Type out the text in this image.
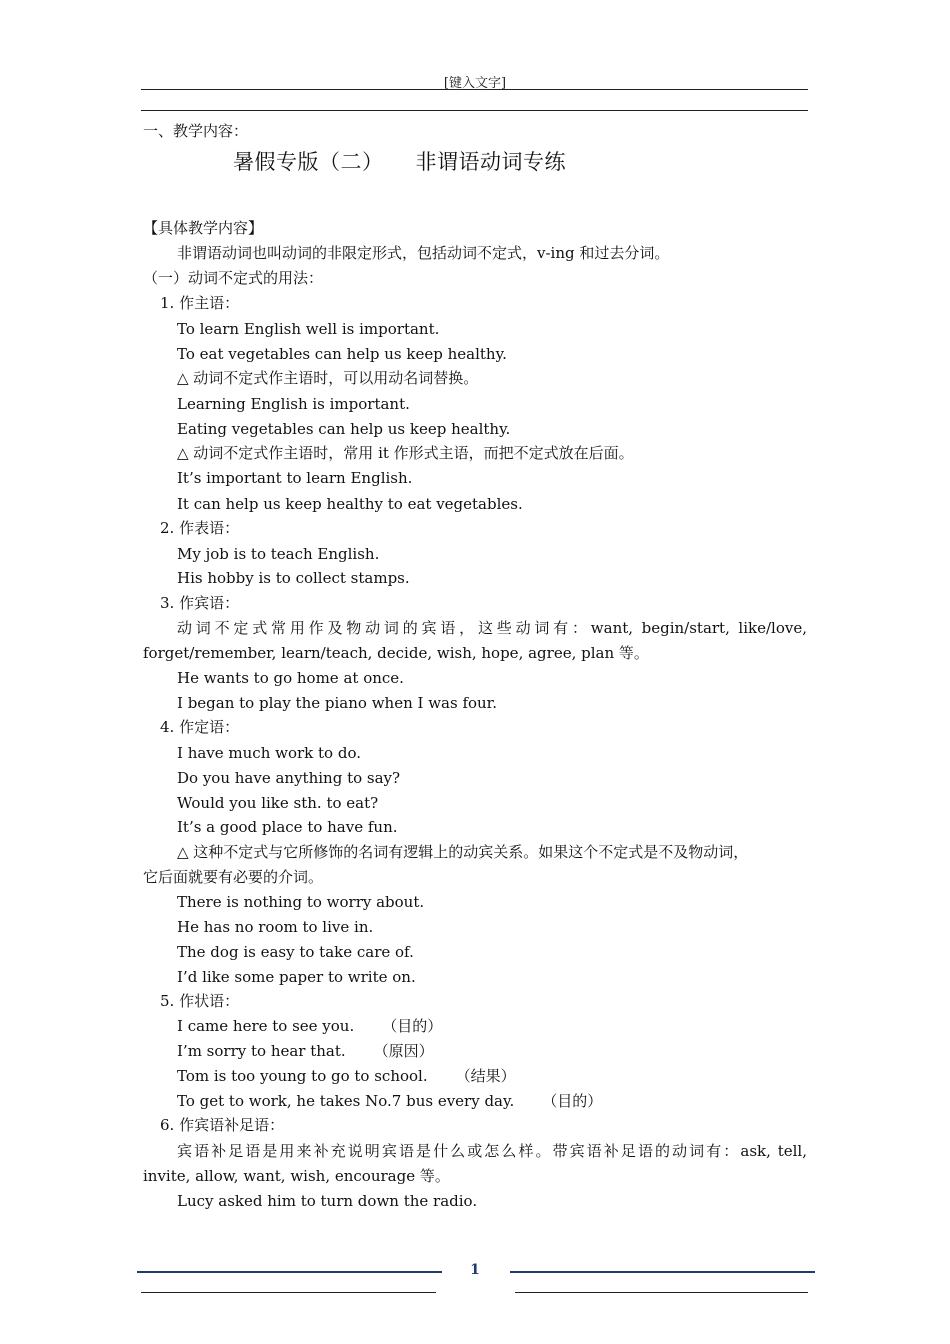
[键入文字]
一、教学内容：
暑假专版（二） 非谓语动词专练
【具体教学内容】
非谓语动词也叫动词的非限定形式，包括动词不定式，v-ing 和过去分词。
（一）动词不定式的用法：
1. 作主语：
To learn English well is important.
To eat vegetables can help us keep healthy.
△ 动词不定式作主语时，可以用动名词替换。
Learning English is important.
Eating vegetables can help us keep healthy.
△ 动词不定式作主语时，常用 it 作形式主语，而把不定式放在后面。
It’s important to learn English.
It can help us keep healthy to eat vegetables.
2. 作表语：
My job is to teach English.
His hobby is to collect stamps.
3. 作宾语：
动词不定式常用作及物动词的宾语，这些动词有：want, begin/start, like/love,
forget/remember, learn/teach, decide, wish, hope, agree, plan 等。
He wants to go home at once.
I began to play the piano when I was four.
4. 作定语：
I have much work to do.
Do you have anything to say?
Would you like sth. to eat?
It’s a good place to have fun.
△ 这种不定式与它所修饰的名词有逻辑上的动宾关系。如果这个不定式是不及物动词，
它后面就要有必要的介词。
There is nothing to worry about.
He has no room to live in.
The dog is easy to take care of.
I’d like some paper to write on.
5. 作状语：
I came here to see you. （目的）
I’m sorry to hear that. （原因）
Tom is too young to go to school. （结果）
To get to work, he takes No.7 bus every day. （目的）
6. 作宾语补足语：
宾语补足语是用来补充说明宾语是什么或怎么样。带宾语补足语的动词有：ask, tell,
invite, allow, want, wish, encourage 等。
Lucy asked him to turn down the radio.
1
